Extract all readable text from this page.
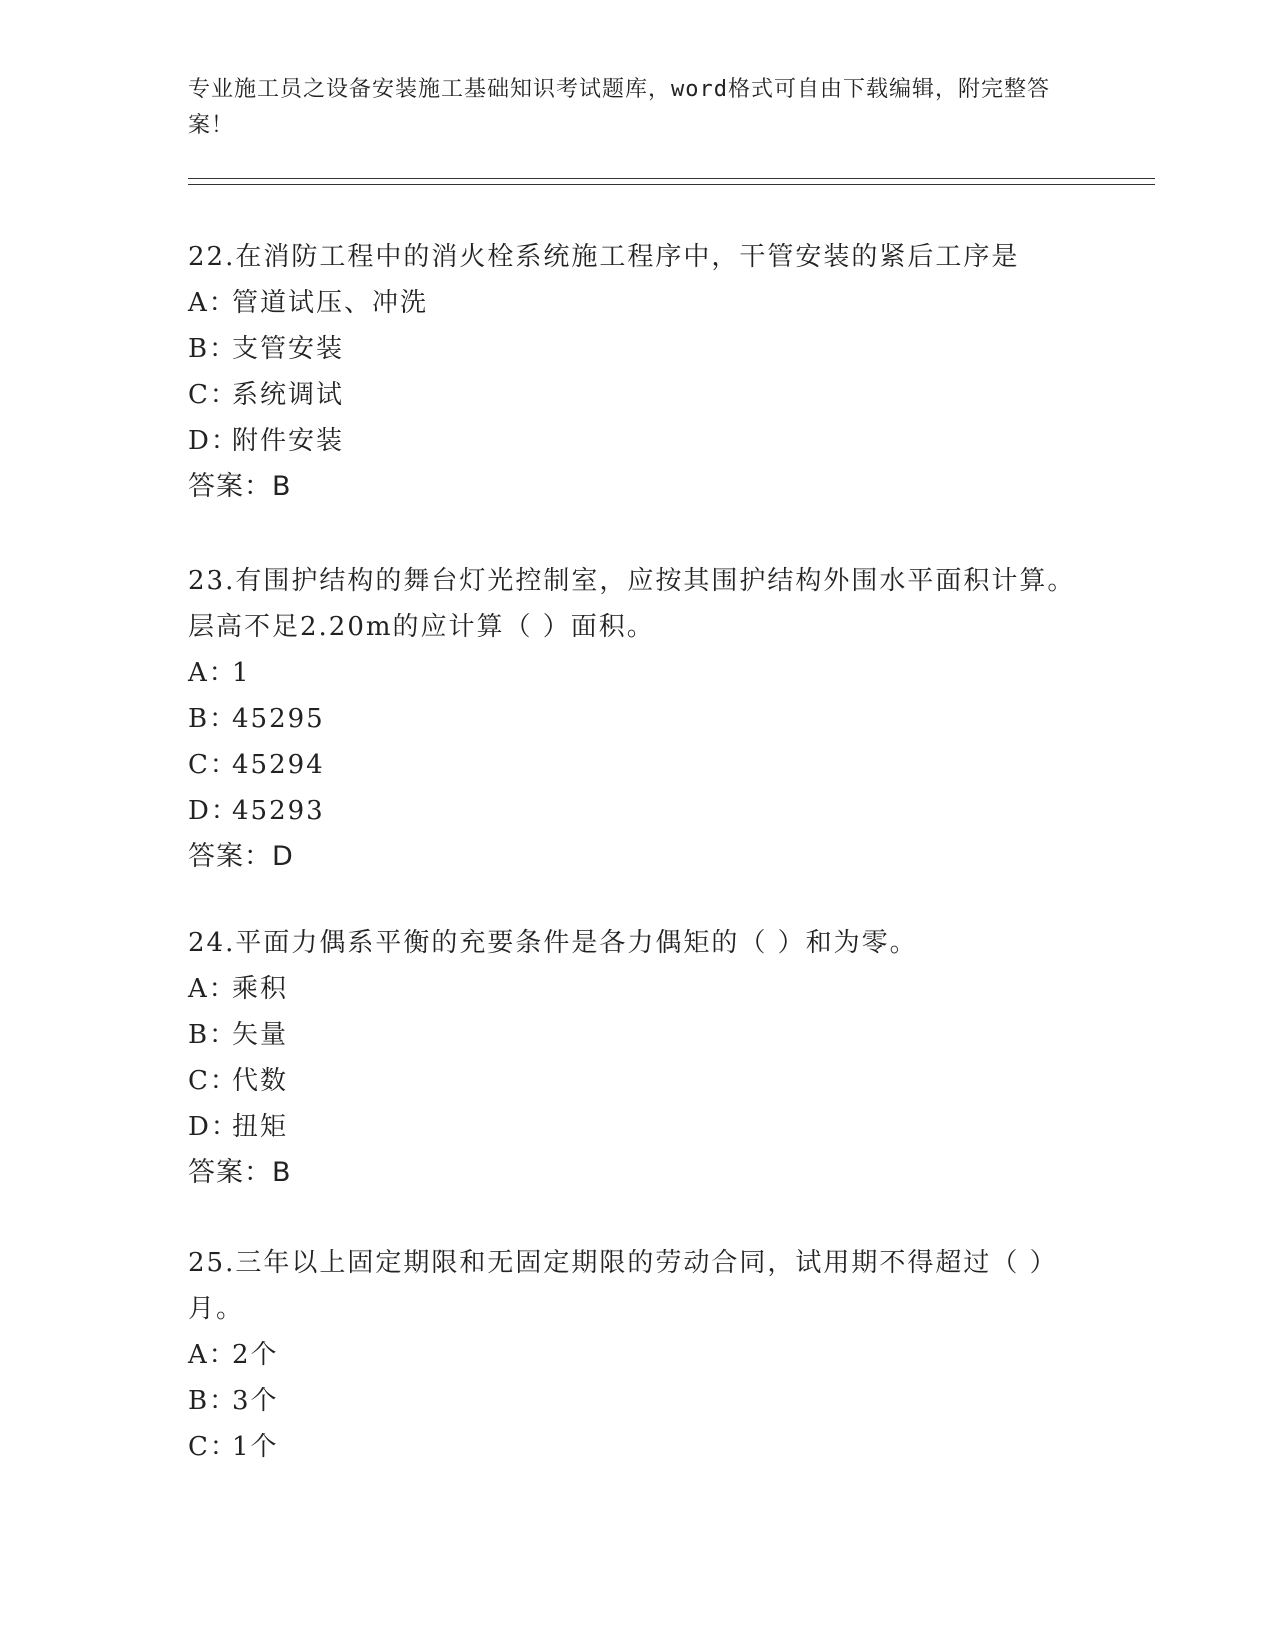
专业施工员之设备安装施工基础知识考试题库，word格式可自由下载编辑，附完整答案！

22.在消防工程中的消火栓系统施工程序中，干管安装的紧后工序是

A：管道试压、冲洗

B：支管安装

C：系统调试

D：附件安装

答案：B

23.有围护结构的舞台灯光控制室，应按其围护结构外围水平面积计算。层高不足2.20m的应计算（ ）面积。

A：1

B：45295

C：45294

D：45293

答案：D

24.平面力偶系平衡的充要条件是各力偶矩的（ ）和为零。

A：乘积

B：矢量

C：代数

D：扭矩

答案：B

25.三年以上固定期限和无固定期限的劳动合同，试用期不得超过（ ）月。

A：2个

B：3个

C：1个
